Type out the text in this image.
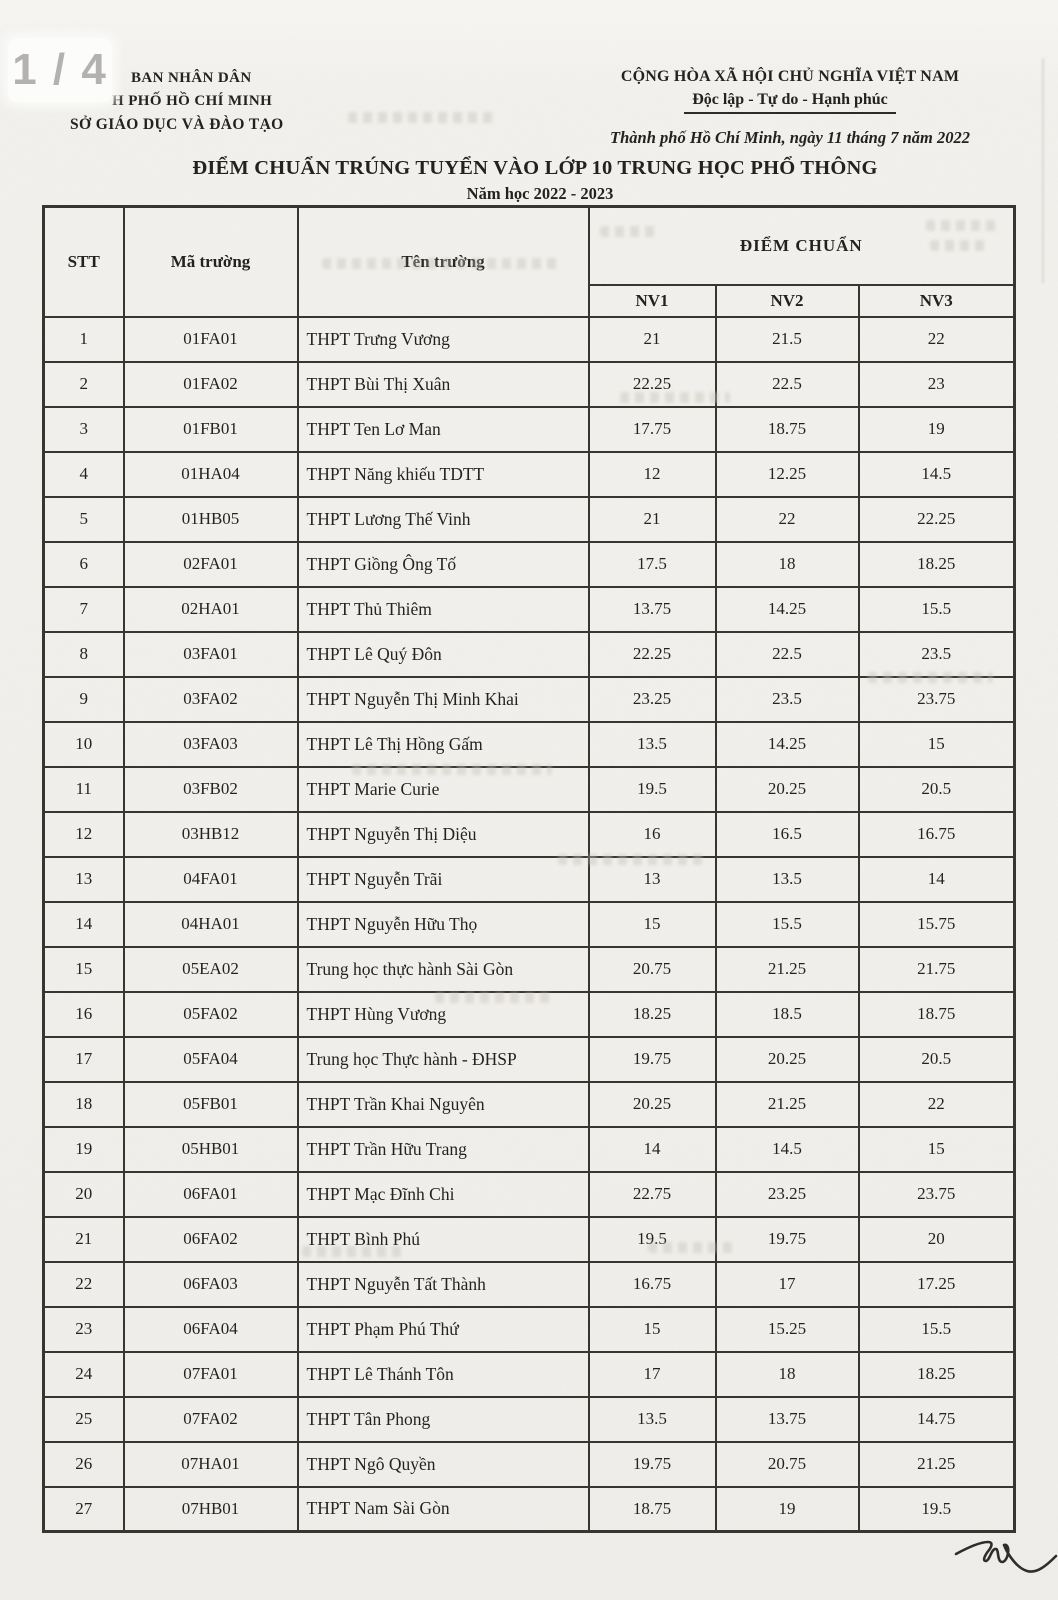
1 / 4 BAN NHÂN DÂN
H PHỐ HỒ CHÍ MINH
SỞ GIÁO DỤC VÀ ĐÀO TẠO
CỘNG HÒA XÃ HỘI CHỦ NGHĨA VIỆT NAM
Độc lập - Tự do - Hạnh phúc
Thành phố Hồ Chí Minh, ngày 11 tháng 7 năm 2022
ĐIỂM CHUẨN TRÚNG TUYỂN VÀO LỚP 10 TRUNG HỌC PHỔ THÔNG
Năm học 2022 - 2023
STT	Mã trường	Tên trường	ĐIỂM CHUẨN		
			NV1	NV2	NV3
1	01FA01	THPT Trưng Vương	21	21.5	22
2	01FA02	THPT Bùi Thị Xuân	22.25	22.5	23
3	01FB01	THPT Ten Lơ Man	17.75	18.75	19
4	01HA04	THPT Năng khiếu TDTT	12	12.25	14.5
5	01HB05	THPT Lương Thế Vinh	21	22	22.25
6	02FA01	THPT Giồng Ông Tố	17.5	18	18.25
7	02HA01	THPT Thủ Thiêm	13.75	14.25	15.5
8	03FA01	THPT Lê Quý Đôn	22.25	22.5	23.5
9	03FA02	THPT Nguyễn Thị Minh Khai	23.25	23.5	23.75
10	03FA03	THPT Lê Thị Hồng Gấm	13.5	14.25	15
11	03FB02	THPT Marie Curie	19.5	20.25	20.5
12	03HB12	THPT Nguyễn Thị Diệu	16	16.5	16.75
13	04FA01	THPT Nguyễn Trãi	13	13.5	14
14	04HA01	THPT Nguyễn Hữu Thọ	15	15.5	15.75
15	05EA02	Trung học thực hành Sài Gòn	20.75	21.25	21.75
16	05FA02	THPT Hùng Vương	18.25	18.5	18.75
17	05FA04	Trung học Thực hành - ĐHSP	19.75	20.25	20.5
18	05FB01	THPT Trần Khai Nguyên	20.25	21.25	22
19	05HB01	THPT Trần Hữu Trang	14	14.5	15
20	06FA01	THPT Mạc Đĩnh Chi	22.75	23.25	23.75
21	06FA02	THPT Bình Phú	19.5	19.75	20
22	06FA03	THPT Nguyễn Tất Thành	16.75	17	17.25
23	06FA04	THPT Phạm Phú Thứ	15	15.25	15.5
24	07FA01	THPT Lê Thánh Tôn	17	18	18.25
25	07FA02	THPT Tân Phong	13.5	13.75	14.75
26	07HA01	THPT Ngô Quyền	19.75	20.75	21.25
27	07HB01	THPT Nam Sài Gòn	18.75	19	19.5
